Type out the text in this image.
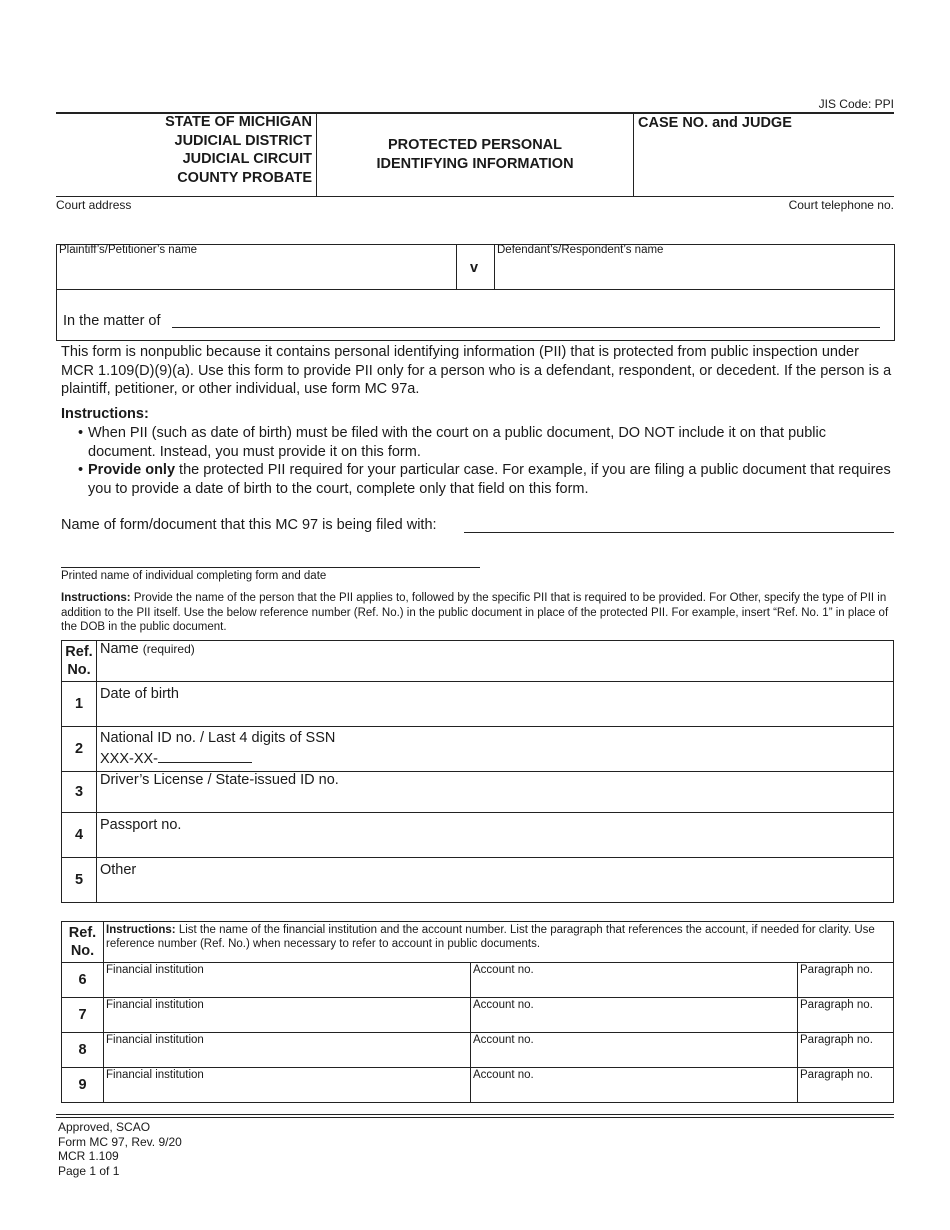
JIS Code: PPI
STATE OF MICHIGAN
JUDICIAL DISTRICT
JUDICIAL CIRCUIT
COUNTY PROBATE
PROTECTED PERSONAL
IDENTIFYING INFORMATION
CASE NO. and JUDGE
Court address	Court telephone no.
Plaintiff’s/Petitioner’s name
v
Defendant’s/Respondent’s name
In the matter of
This form is nonpublic because it contains personal identifying information (PII) that is protected from public inspection under MCR 1.109(D)(9)(a). Use this form to provide PII only for a person who is a defendant, respondent, or decedent. If the person is a plaintiff, petitioner, or other individual, use form MC 97a.
Instructions:
• When PII (such as date of birth) must be filed with the court on a public document, DO NOT include it on that public document. Instead, you must provide it on this form.
• Provide only the protected PII required for your particular case. For example, if you are filing a public document that requires you to provide a date of birth to the court, complete only that field on this form.
Name of form/document that this MC 97 is being filed with:
Printed name of individual completing form and date
Instructions: Provide the name of the person that the PII applies to, followed by the specific PII that is required to be provided. For Other, specify the type of PII in addition to the PII itself. Use the below reference number (Ref. No.) in the public document in place of the protected PII. For example, insert “Ref. No. 1” in place of the DOB in the public document.
Ref.
No.	Name (required)
1	Date of birth
2	National ID no. / Last 4 digits of SSN
XXX-XX-

3	Driver’s License / State-issued ID no.
4	Passport no.
5	Other
Ref.
No.	Instructions: List the name of the financial institution and the account number. List the paragraph that references the account, if needed for clarity. Use reference number (Ref. No.) when necessary to refer to account in public documents.		
6	Financial institution	Account no.	Paragraph no.
7	Financial institution	Account no.	Paragraph no.
8	Financial institution	Account no.	Paragraph no.
9	Financial institution	Account no.	Paragraph no.
Approved, SCAO
Form MC 97, Rev. 9/20
MCR 1.109
Page 1 of 1
